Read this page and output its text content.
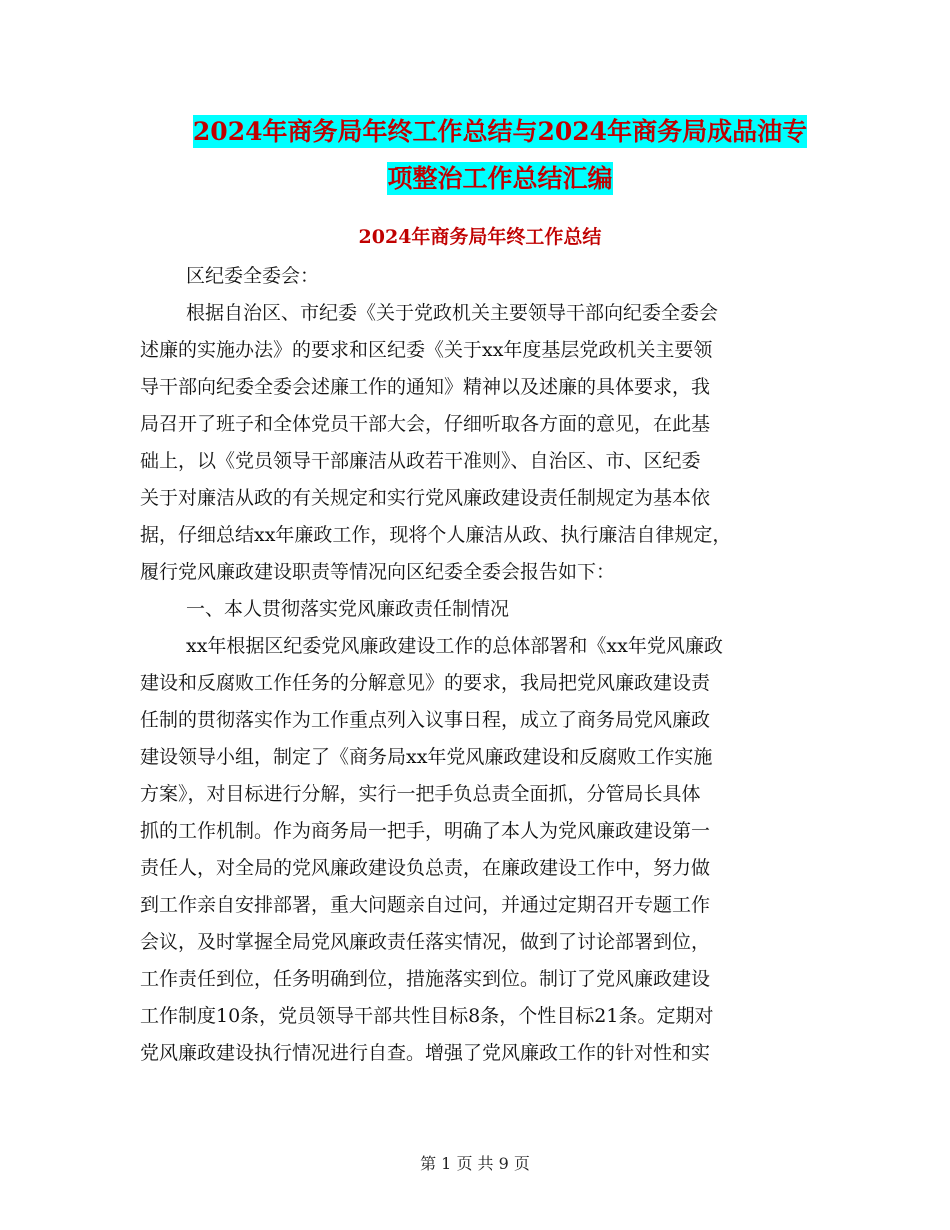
2024年商务局年终工作总结与2024年商务局成品油专
项整治工作总结汇编
2024年商务局年终工作总结
区纪委全委会：
根据自治区、市纪委《关于党政机关主要领导干部向纪委全委会
述廉的实施办法》的要求和区纪委《关于xx年度基层党政机关主要领
导干部向纪委全委会述廉工作的通知》精神以及述廉的具体要求，我
局召开了班子和全体党员干部大会，仔细听取各方面的意见，在此基
础上，以《党员领导干部廉洁从政若干准则》、自治区、市、区纪委
关于对廉洁从政的有关规定和实行党风廉政建设责任制规定为基本依
据，仔细总结xx年廉政工作，现将个人廉洁从政、执行廉洁自律规定，
履行党风廉政建设职责等情况向区纪委全委会报告如下：
一、本人贯彻落实党风廉政责任制情况
xx年根据区纪委党风廉政建设工作的总体部署和《xx年党风廉政
建设和反腐败工作任务的分解意见》的要求，我局把党风廉政建设责
任制的贯彻落实作为工作重点列入议事日程，成立了商务局党风廉政
建设领导小组，制定了《商务局xx年党风廉政建设和反腐败工作实施
方案》，对目标进行分解，实行一把手负总责全面抓，分管局长具体
抓的工作机制。作为商务局一把手，明确了本人为党风廉政建设第一
责任人，对全局的党风廉政建设负总责，在廉政建设工作中，努力做
到工作亲自安排部署，重大问题亲自过问，并通过定期召开专题工作
会议，及时掌握全局党风廉政责任落实情况，做到了讨论部署到位，
工作责任到位，任务明确到位，措施落实到位。制订了党风廉政建设
工作制度10条，党员领导干部共性目标8条，个性目标21条。定期对
党风廉政建设执行情况进行自查。增强了党风廉政工作的针对性和实
第 1 页 共 9 页
